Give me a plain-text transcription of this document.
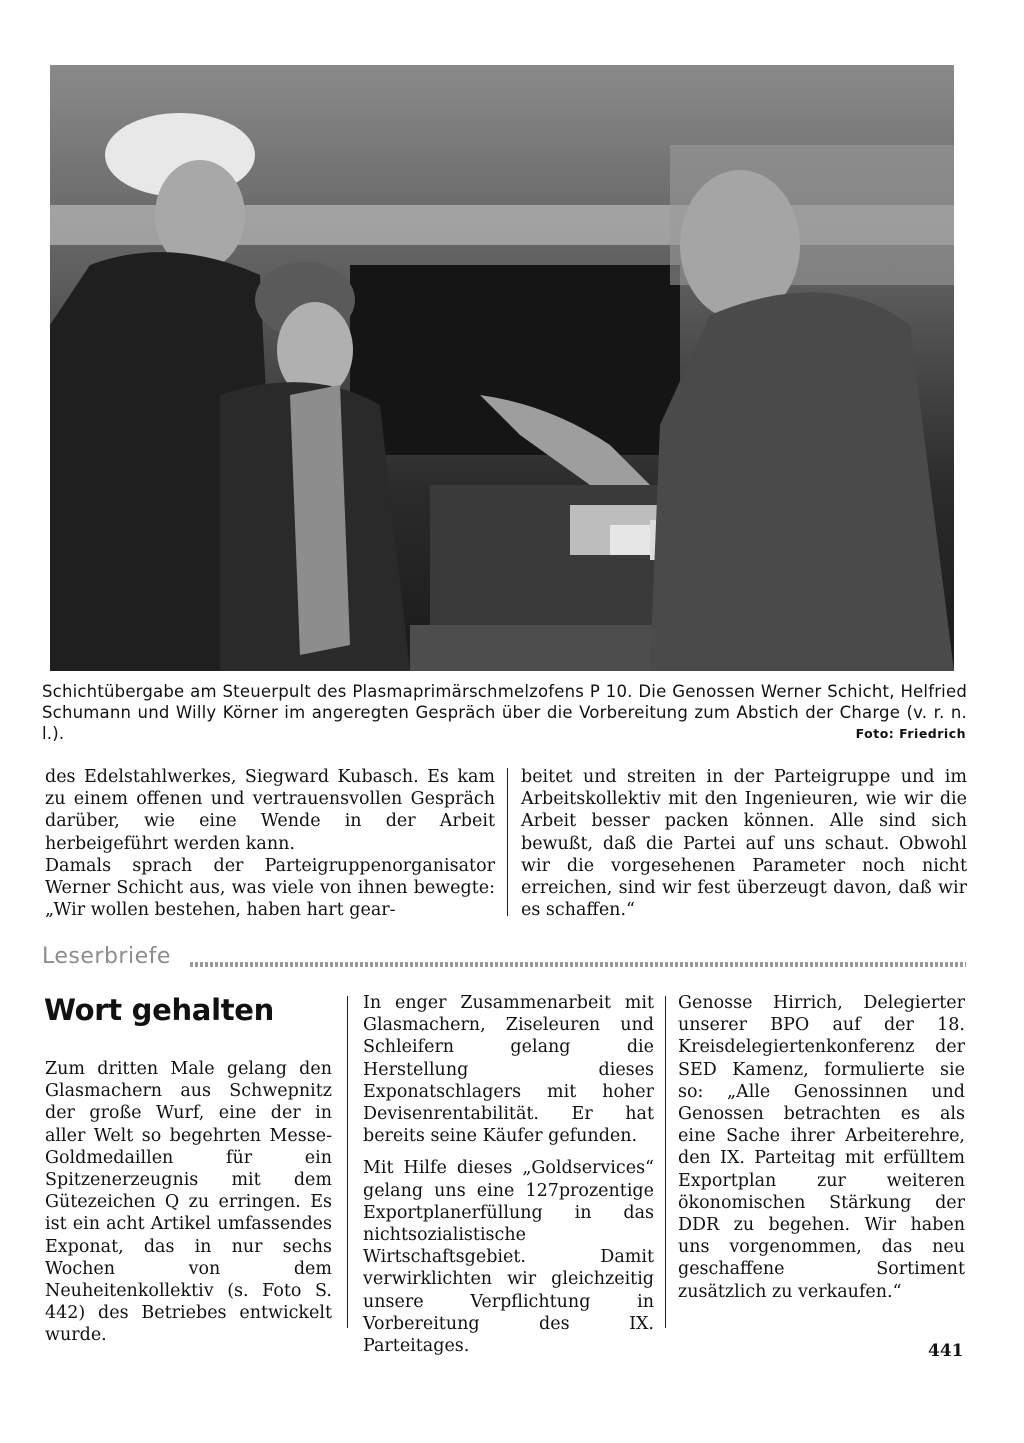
Schichtübergabe am Steuerpult des Plasmaprimärschmelzofens P 10. Die Genossen Werner Schicht, Helfried Schumann und Willy Körner im angeregten Gespräch über die Vorbereitung zum Abstich der Charge (v. r. n. l.).	Foto: Friedrich

des Edelstahlwerkes, Siegward Kubasch. Es kam zu einem offenen und vertrauensvollen Gespräch darüber, wie eine Wende in der Arbeit herbeigeführt werden kann.

Damals sprach der Parteigruppenorganisator Werner Schicht aus, was viele von ihnen bewegte: „Wir wollen bestehen, haben hart gear-

beitet und streiten in der Parteigruppe und im Arbeitskollektiv mit den Ingenieuren, wie wir die Arbeit besser packen können. Alle sind sich bewußt, daß die Partei auf uns schaut. Obwohl wir die vorgesehenen Parameter noch nicht erreichen, sind wir fest überzeugt davon, daß wir es schaffen.“

Leserbriefe
Wort gehalten

Zum dritten Male gelang den Glasmachern aus Schwepnitz der große Wurf, eine der in aller Welt so begehrten Messe-Goldmedaillen für ein Spitzenerzeugnis mit dem Gütezeichen Q zu erringen. Es ist ein acht Artikel umfassendes Exponat, das in nur sechs Wochen von dem Neuheitenkollektiv (s. Foto S. 442) des Betriebes entwickelt wurde.

In enger Zusammenarbeit mit Glasmachern, Ziseleuren und Schleifern gelang die Herstellung dieses Exponatschlagers mit hoher Devisenrentabilität. Er hat bereits seine Käufer gefunden.

Mit Hilfe dieses „Goldservices“ gelang uns eine 127prozentige Exportplanerfüllung in das nichtsozialistische Wirtschaftsgebiet. Damit verwirklichten wir gleichzeitig unsere Verpflichtung in Vorbereitung des IX. Parteitages.

Genosse Hirrich, Delegierter unserer BPO auf der 18. Kreisdelegiertenkonferenz der SED Kamenz, formulierte sie so: „Alle Genossinnen und Genossen betrachten es als eine Sache ihrer Arbeiterehre, den IX. Parteitag mit erfülltem Exportplan zur weiteren ökonomischen Stärkung der DDR zu begehen. Wir haben uns vorgenommen, das neu geschaffene Sortiment zusätzlich zu verkaufen.“

441
